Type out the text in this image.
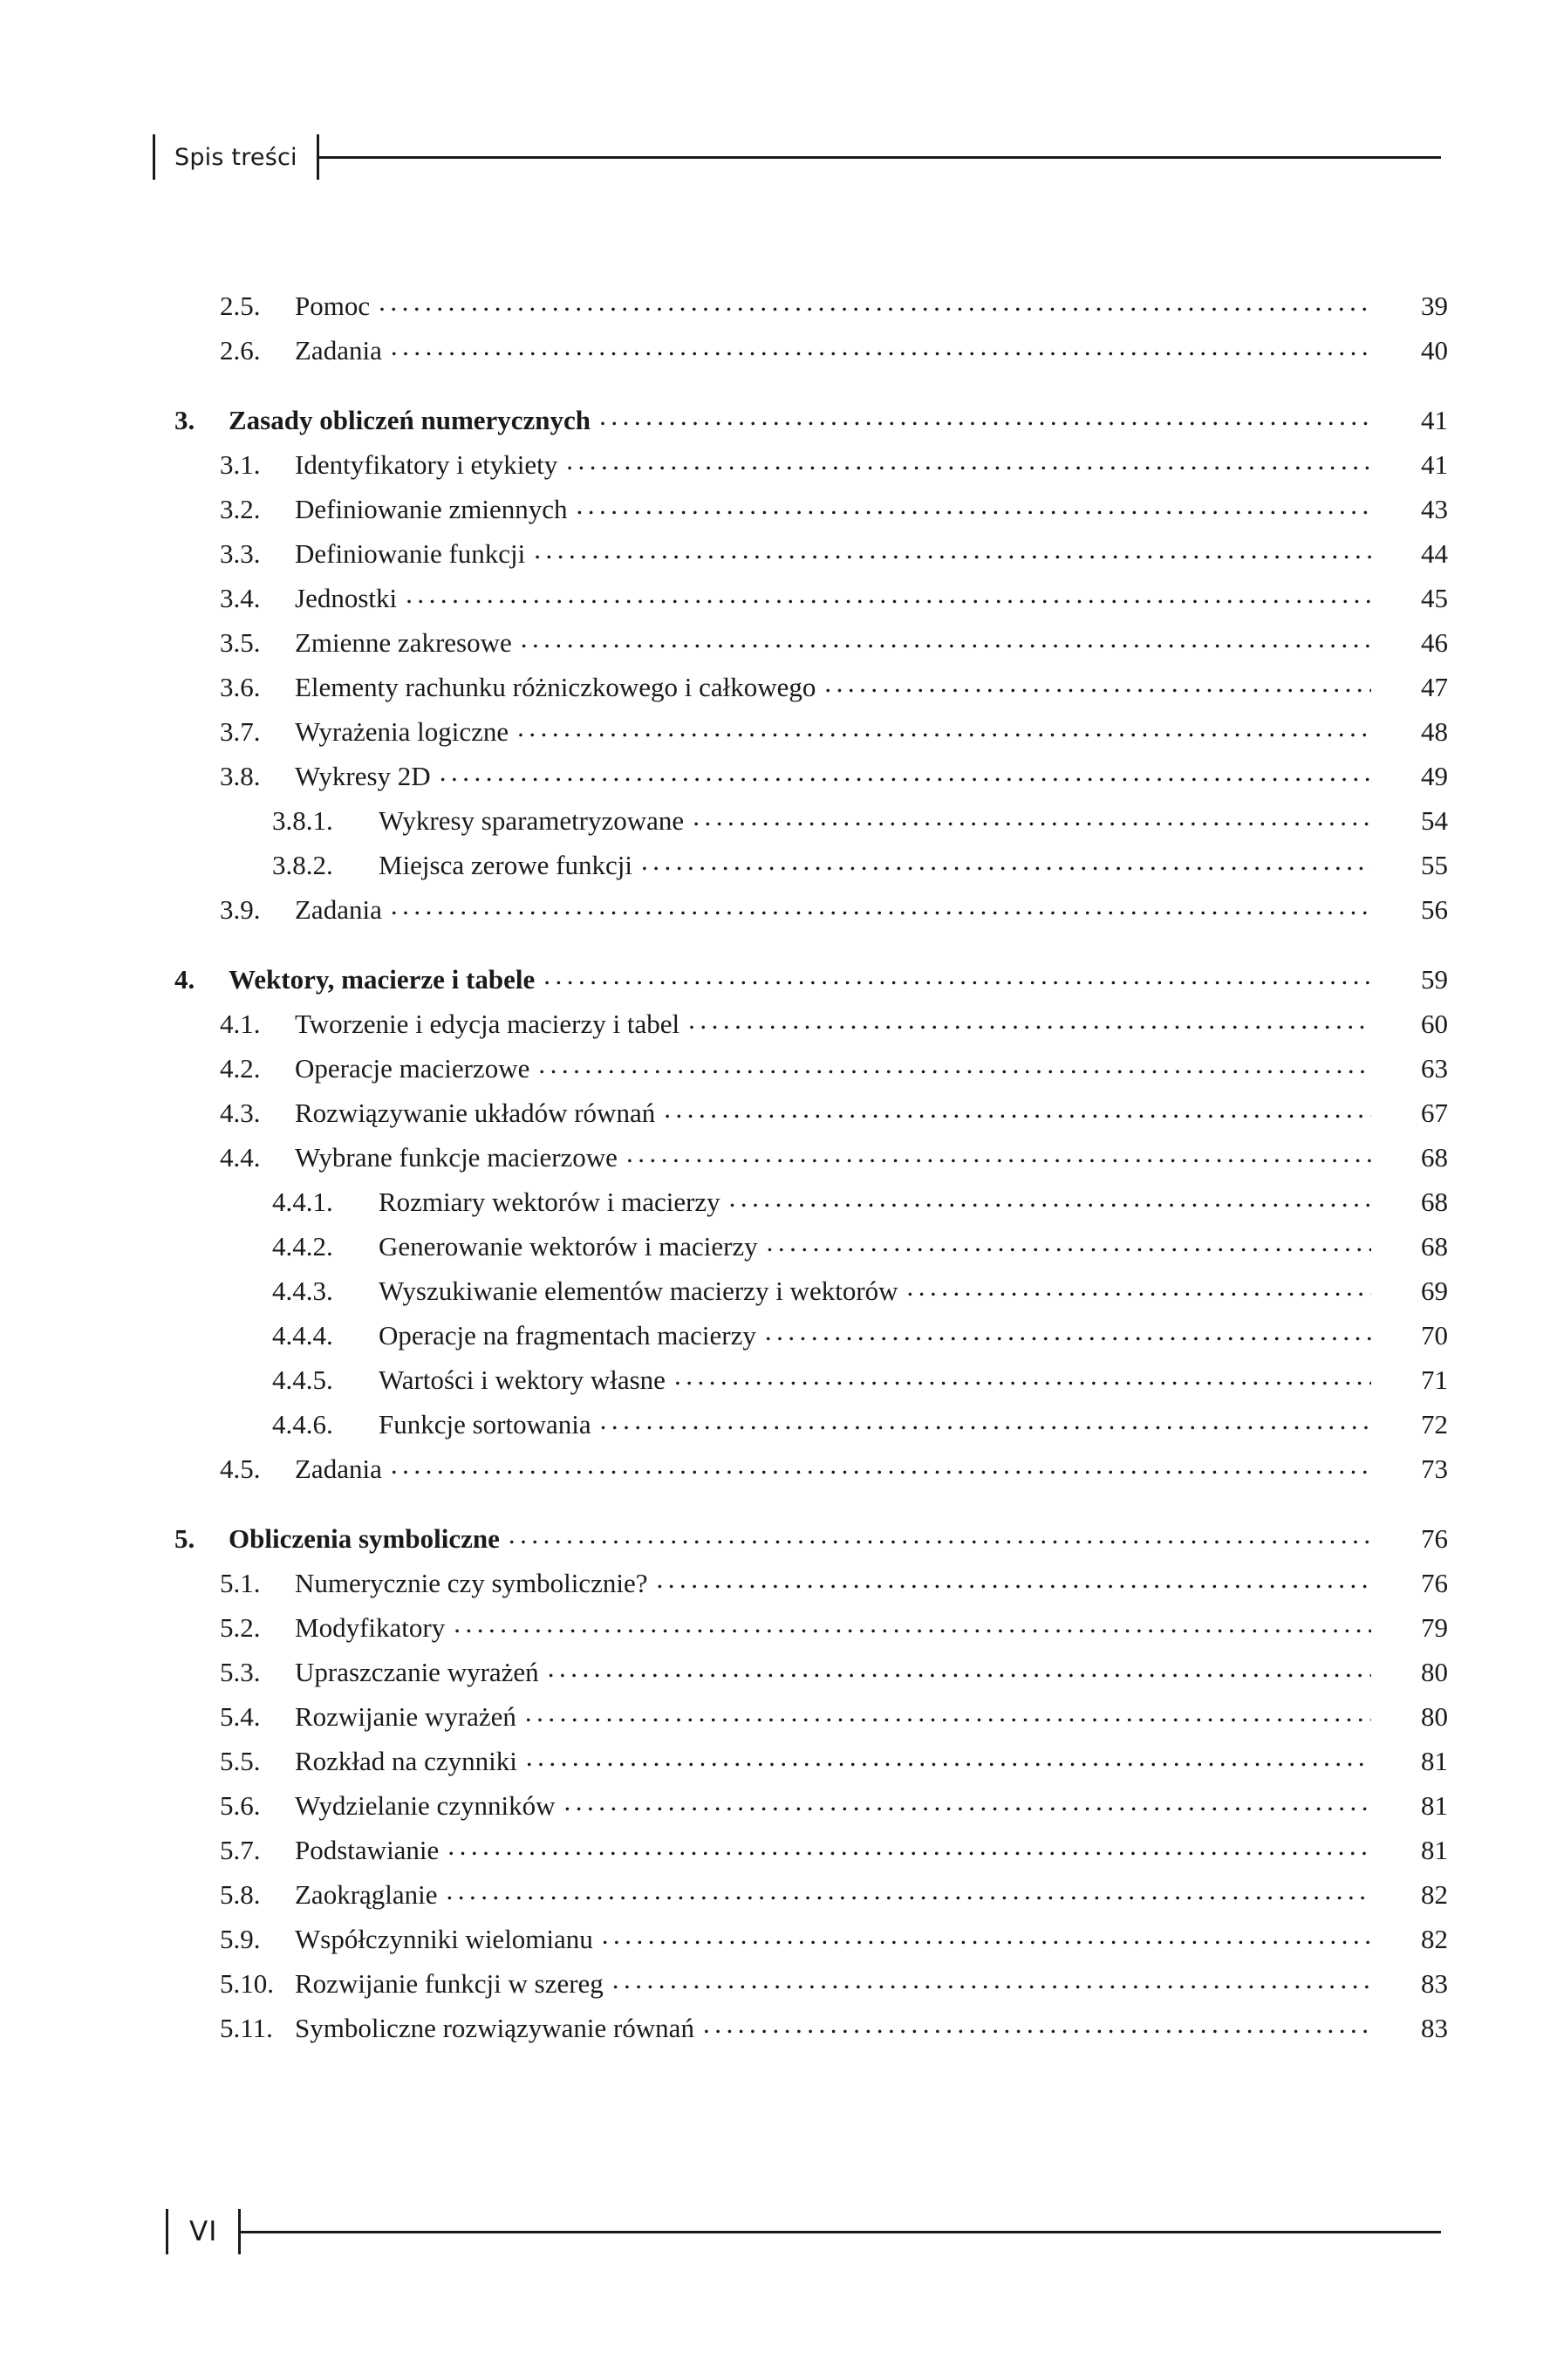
Spis treści
2.5.	Pomoc .....	39
2.6.	Zadania .....	40
3.	Zasady obliczeń numerycznych .....	41
3.1.	Identyfikatory i etykiety .....	41
3.2.	Definiowanie zmiennych .....	43
3.3.	Definiowanie funkcji .....	44
3.4.	Jednostki .....	45
3.5.	Zmienne zakresowe .....	46
3.6.	Elementy rachunku różniczkowego i całkowego .....	47
3.7.	Wyrażenia logiczne .....	48
3.8.	Wykresy 2D .....	49
3.8.1.	Wykresy sparametryzowane .....	54
3.8.2.	Miejsca zerowe funkcji .....	55
3.9.	Zadania .....	56
4.	Wektory, macierze i tabele .....	59
4.1.	Tworzenie i edycja macierzy i tabel .....	60
4.2.	Operacje macierzowe .....	63
4.3.	Rozwiązywanie układów równań .....	67
4.4.	Wybrane funkcje macierzowe .....	68
4.4.1.	Rozmiary wektorów i macierzy .....	68
4.4.2.	Generowanie wektorów i macierzy .....	68
4.4.3.	Wyszukiwanie elementów macierzy i wektorów .....	69
4.4.4.	Operacje na fragmentach macierzy .....	70
4.4.5.	Wartości i wektory własne .....	71
4.4.6.	Funkcje sortowania .....	72
4.5.	Zadania .....	73
5.	Obliczenia symboliczne .....	76
5.1.	Numerycznie czy symbolicznie? .....	76
5.2.	Modyfikatory .....	79
5.3.	Upraszczanie wyrażeń .....	80
5.4.	Rozwijanie wyrażeń .....	80
5.5.	Rozkład na czynniki .....	81
5.6.	Wydzielanie czynników .....	81
5.7.	Podstawianie .....	81
5.8.	Zaokrąglanie .....	82
5.9.	Współczynniki wielomianu .....	82
5.10. Rozwijanie funkcji w szereg .....	83
5.11. Symboliczne rozwiązywanie równań .....	83
VI
